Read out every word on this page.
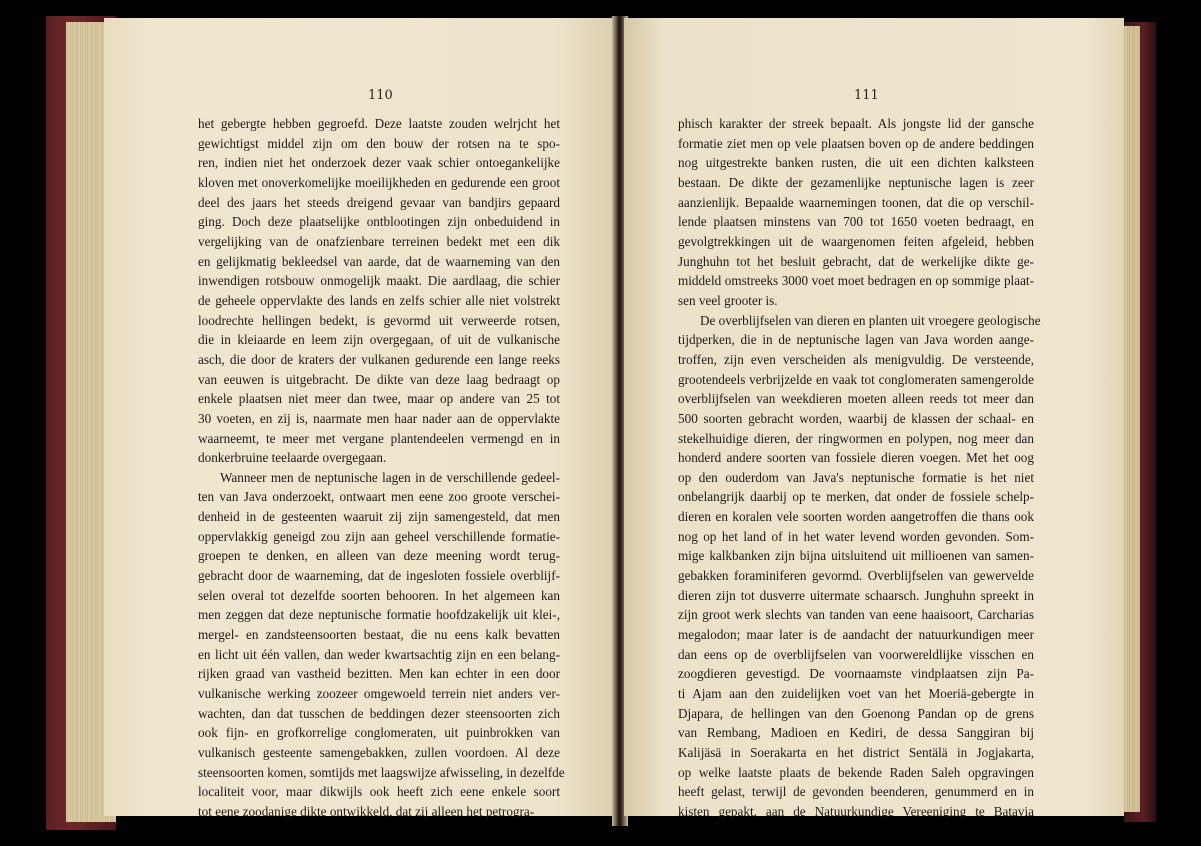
110
het gebergte hebben gegroefd. Deze laatste zouden welrjcht het
gewichtigst middel zijn om den bouw der rotsen na te spo-
ren, indien niet het onderzoek dezer vaak schier ontoegankelijke
kloven met onoverkomelijke moeilijkheden en gedurende een groot
deel des jaars het steeds dreigend gevaar van bandjirs gepaard
ging. Doch deze plaatselijke ontblootingen zijn onbeduidend in
vergelijking van de onafzienbare terreinen bedekt met een dik
en gelijkmatig bekleedsel van aarde, dat de waarneming van den
inwendigen rotsbouw onmogelijk maakt. Die aardlaag, die schier
de geheele oppervlakte des lands en zelfs schier alle niet volstrekt
loodrechte hellingen bedekt, is gevormd uit verweerde rotsen,
die in kleiaarde en leem zijn overgegaan, of uit de vulkanische
asch, die door de kraters der vulkanen gedurende een lange reeks
van eeuwen is uitgebracht. De dikte van deze laag bedraagt op
enkele plaatsen niet meer dan twee, maar op andere van 25 tot
30 voeten, en zij is, naarmate men haar nader aan de oppervlakte
waarneemt, te meer met vergane plantendeelen vermengd en in
donkerbruine teelaarde overgegaan.
Wanneer men de neptunische lagen in de verschillende gedeel-
ten van Java onderzoekt, ontwaart men eene zoo groote verschei-
denheid in de gesteenten waaruit zij zijn samengesteld, dat men
oppervlakkig geneigd zou zijn aan geheel verschillende formatie-
groepen te denken, en alleen van deze meening wordt terug-
gebracht door de waarneming, dat de ingesloten fossiele overblijf-
selen overal tot dezelfde soorten behooren. In het algemeen kan
men zeggen dat deze neptunische formatie hoofdzakelijk uit klei-,
mergel- en zandsteensoorten bestaat, die nu eens kalk bevatten
en licht uit één vallen, dan weder kwartsachtig zijn en een belang-
rijken graad van vastheid bezitten. Men kan echter in een door
vulkanische werking zoozeer omgewoeld terrein niet anders ver-
wachten, dan dat tusschen de beddingen dezer steensoorten zich
ook fijn- en grofkorrelige conglomeraten, uit puinbrokken van
vulkanisch gesteente samengebakken, zullen voordoen. Al deze
steensoorten komen, somtijds met laagswijze afwisseling, in dezelfde
localiteit voor, maar dikwijls ook heeft zich eene enkele soort
tot eene zoodanige dikte ontwikkeld, dat zij alleen het petrogra-
111
phisch karakter der streek bepaalt. Als jongste lid der gansche
formatie ziet men op vele plaatsen boven op de andere beddingen
nog uitgestrekte banken rusten, die uit een dichten kalksteen
bestaan. De dikte der gezamenlijke neptunische lagen is zeer
aanzienlijk. Bepaalde waarnemingen toonen, dat die op verschil-
lende plaatsen minstens van 700 tot 1650 voeten bedraagt, en
gevolgtrekkingen uit de waargenomen feiten afgeleid, hebben
Junghuhn tot het besluit gebracht, dat de werkelijke dikte ge-
middeld omstreeks 3000 voet moet bedragen en op sommige plaat-
sen veel grooter is.
De overblijfselen van dieren en planten uit vroegere geologische
tijdperken, die in de neptunische lagen van Java worden aange-
troffen, zijn even verscheiden als menigvuldig. De versteende,
grootendeels verbrijzelde en vaak tot conglomeraten samengerolde
overblijfselen van weekdieren moeten alleen reeds tot meer dan
500 soorten gebracht worden, waarbij de klassen der schaal- en
stekelhuidige dieren, der ringwormen en polypen, nog meer dan
honderd andere soorten van fossiele dieren voegen. Met het oog
op den ouderdom van Java's neptunische formatie is het niet
onbelangrijk daarbij op te merken, dat onder de fossiele schelp-
dieren en koralen vele soorten worden aangetroffen die thans ook
nog op het land of in het water levend worden gevonden. Som-
mige kalkbanken zijn bijna uitsluitend uit millioenen van samen-
gebakken foraminiferen gevormd. Overblijfselen van gewervelde
dieren zijn tot dusverre uitermate schaarsch. Junghuhn spreekt in
zijn groot werk slechts van tanden van eene haaisoort, Carcharias
megalodon; maar later is de aandacht der natuurkundigen meer
dan eens op de overblijfselen van voorwereldlijke visschen en
zoogdieren gevestigd. De voornaamste vindplaatsen zijn Pa-
ti Ajam aan den zuidelijken voet van het Moeriä-gebergte in
Djapara, de hellingen van den Goenong Pandan op de grens
van Rembang, Madioen en Kediri, de dessa Sanggiran bij
Kalijäsä in Soerakarta en het district Sentälä in Jogjakarta,
op welke laatste plaats de bekende Raden Saleh opgravingen
heeft gelast, terwijl de gevonden beenderen, genummerd en in
kisten gepakt, aan de Natuurkundige Vereeniging te Batavia
